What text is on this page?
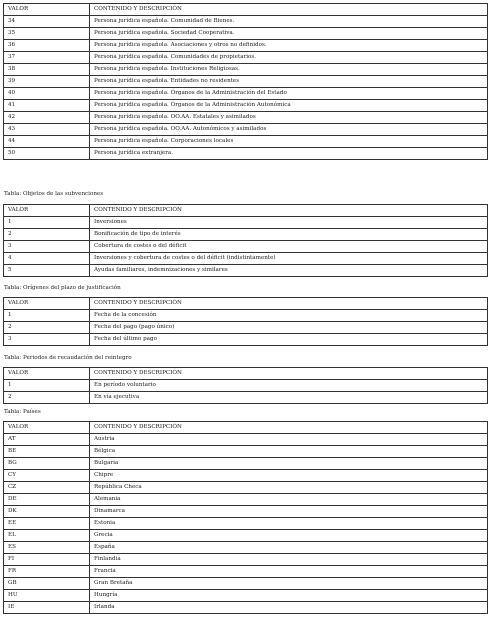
VALOR	CONTENIDO Y DESCRIPCIÓN
34	Persona jurídica española. Comunidad de Bienes.
35	Persona jurídica española. Sociedad Cooperativa.
36	Persona jurídica española. Asociaciones y otros no definidos.
37	Persona jurídica española. Comunidades de propietarios.
38	Persona jurídica española. Instituciones Religiosas.
39	Persona jurídica española. Entidades no residentes
40	Persona jurídica española. Órganos de la Administración del Estado
41	Persona jurídica española. Órganos de la Administración Autonómica
42	Persona jurídica española. OO.AA. Estatales y asimilados
43	Persona jurídica española. OO.AA. Autonómicos y asimilados
44	Persona jurídica española. Corporaciones locales
50	Persona jurídica extranjera.
Tabla: Objetos de las subvenciones
VALOR	CONTENIDO Y DESCRIPCIÓN
1	Inversiones
2	Bonificación de tipo de interés
3	Cobertura de costes o del déficit
4	Inversiones y cobertura de costes o del déficit (indistintamente)
5	Ayudas familiares, indemnizaciones y similares
Tabla: Orígenes del plazo de justificación
VALOR	CONTENIDO Y DESCRIPCIÓN
1	Fecha de la concesión
2	Fecha del pago (pago único)
3	Fecha del último pago
Tabla: Periodos de recaudación del reintegro
VALOR	CONTENIDO Y DESCRIPCIÓN
1	En período voluntario
2	En vía ejecutiva
Tabla: Países
VALOR	CONTENIDO Y DESCRIPCIÓN
AT	Austria
BE	Bélgica
BG	Bulgaria
CY	Chipre
CZ	República Checa
DE	Alemania
DK	Dinamarca
EE	Estonia
EL	Grecia
ES	España
FI	Finlandia
FR	Francia
GB	Gran Bretaña
HU	Hungría
IE	Irlanda
